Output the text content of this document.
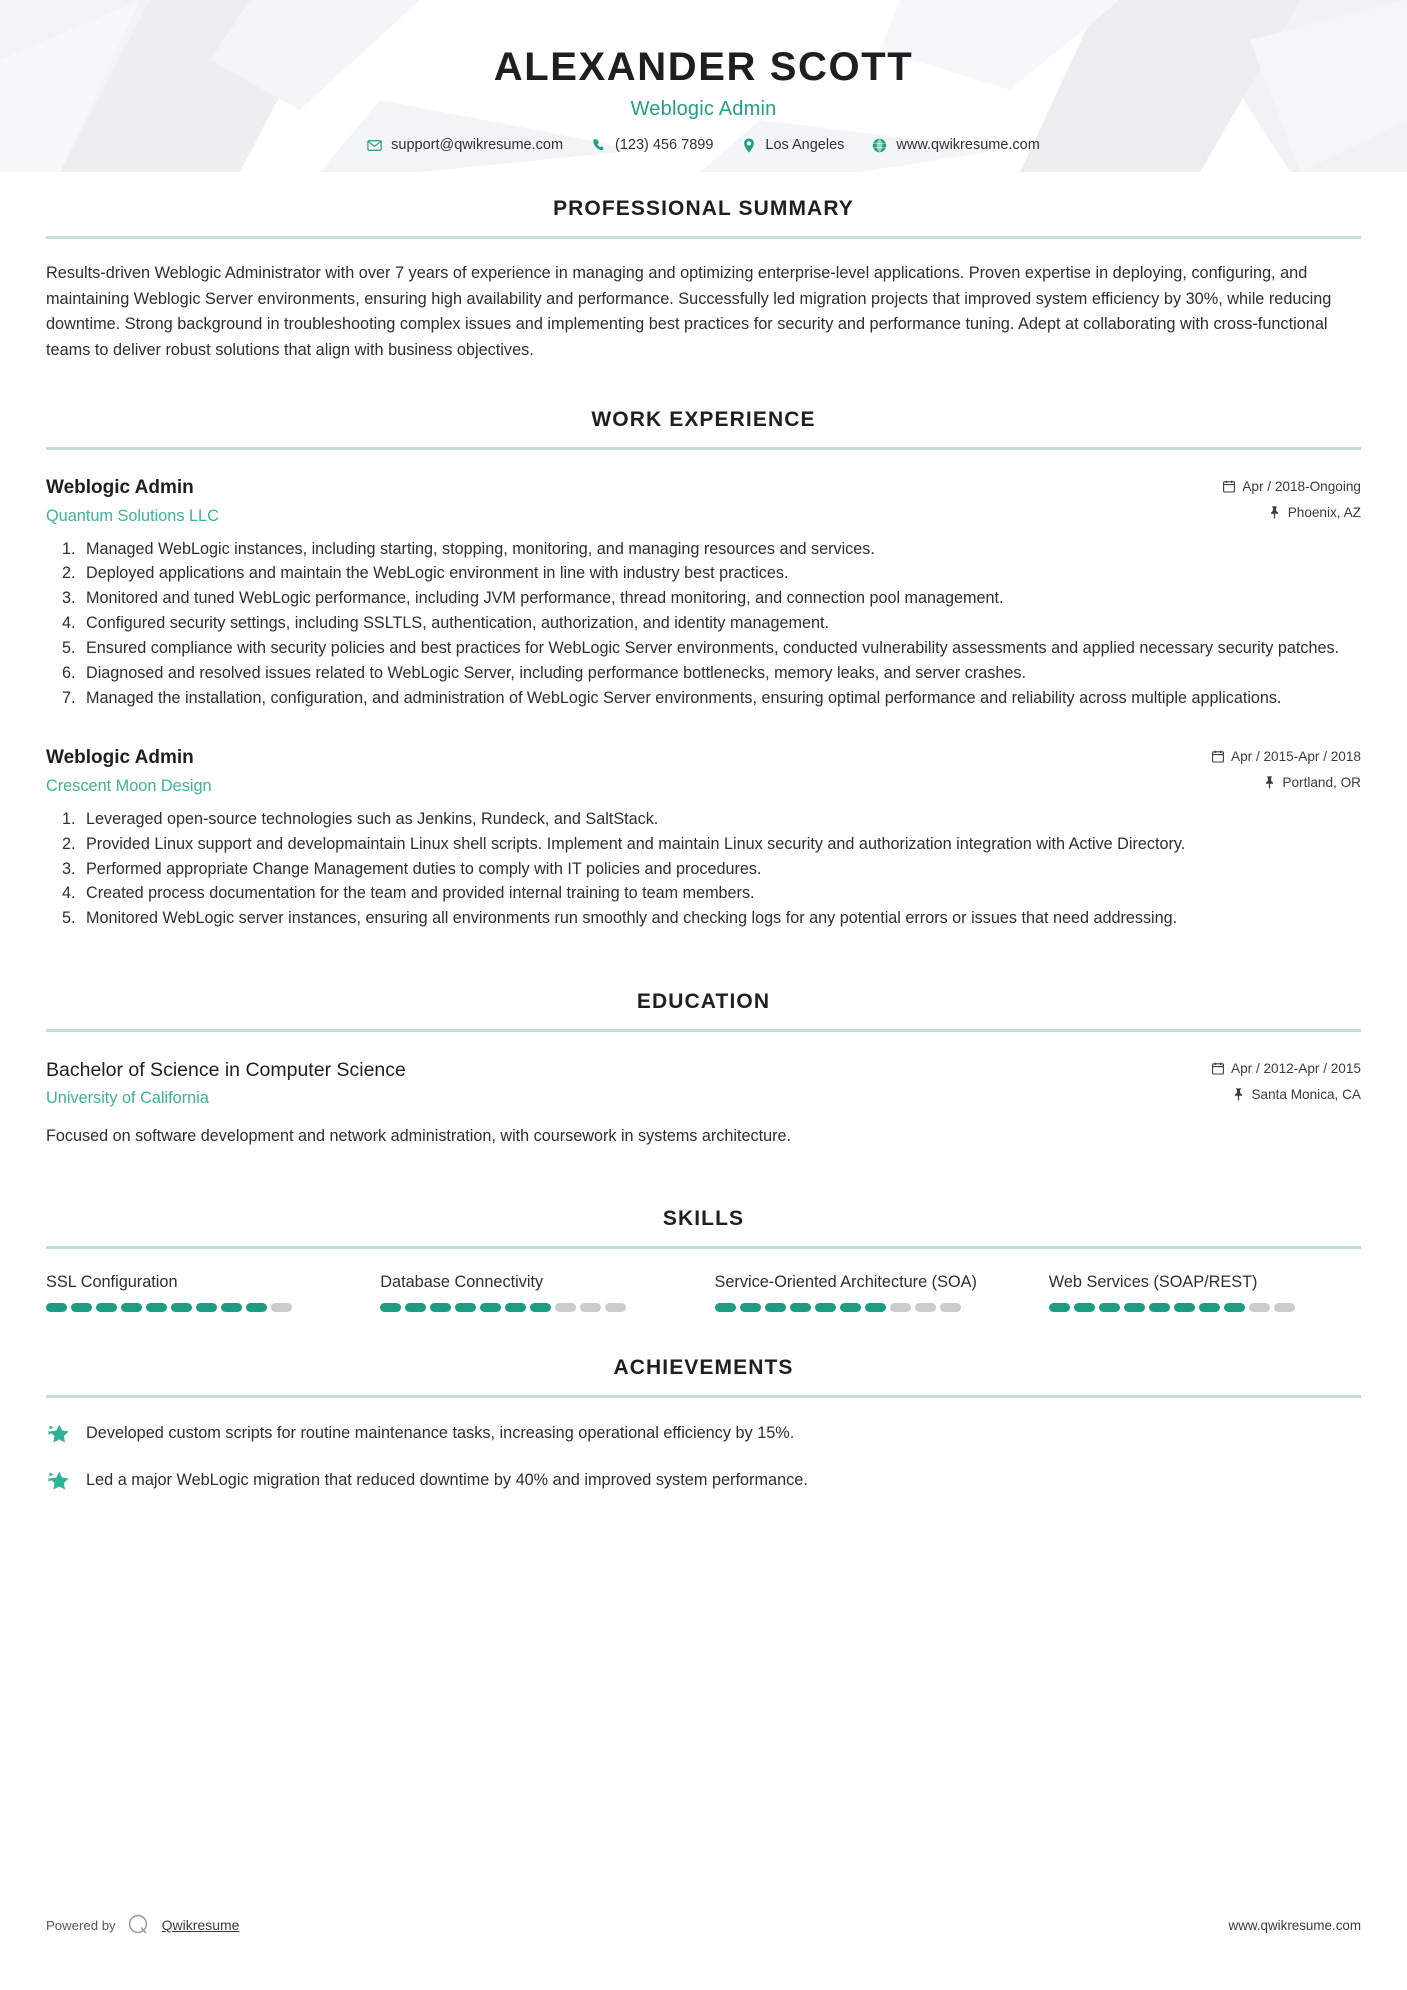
ALEXANDER SCOTT
Weblogic Admin
support@qwikresume.com	(123) 456 7899	Los Angeles	www.qwikresume.com
PROFESSIONAL SUMMARY

Results-driven Weblogic Administrator with over 7 years of experience in managing and optimizing enterprise-level applications. Proven expertise in deploying, configuring, and maintaining Weblogic Server environments, ensuring high availability and performance. Successfully led migration projects that improved system efficiency by 30%, while reducing downtime. Strong background in troubleshooting complex issues and implementing best practices for security and performance tuning. Adept at collaborating with cross-functional teams to deliver robust solutions that align with business objectives.

WORK EXPERIENCE
Weblogic Admin
Quantum Solutions LLC
Apr / 2018-Ongoing
Phoenix, AZ
1. Managed WebLogic instances, including starting, stopping, monitoring, and managing resources and services.
2. Deployed applications and maintain the WebLogic environment in line with industry best practices.
3. Monitored and tuned WebLogic performance, including JVM performance, thread monitoring, and connection pool management.
4. Configured security settings, including SSLTLS, authentication, authorization, and identity management.
5. Ensured compliance with security policies and best practices for WebLogic Server environments, conducted vulnerability assessments and applied necessary security patches.
6. Diagnosed and resolved issues related to WebLogic Server, including performance bottlenecks, memory leaks, and server crashes.
7. Managed the installation, configuration, and administration of WebLogic Server environments, ensuring optimal performance and reliability across multiple applications.
Weblogic Admin
Crescent Moon Design
Apr / 2015-Apr / 2018
Portland, OR
1. Leveraged open-source technologies such as Jenkins, Rundeck, and SaltStack.
2. Provided Linux support and developmaintain Linux shell scripts. Implement and maintain Linux security and authorization integration with Active Directory.
3. Performed appropriate Change Management duties to comply with IT policies and procedures.
4. Created process documentation for the team and provided internal training to team members.
5. Monitored WebLogic server instances, ensuring all environments run smoothly and checking logs for any potential errors or issues that need addressing.
EDUCATION
Bachelor of Science in Computer Science
University of California
Apr / 2012-Apr / 2015
Santa Monica, CA

Focused on software development and network administration, with coursework in systems architecture.

SKILLS
SSL Configuration	Database Connectivity	Service-Oriented Architecture (SOA)	Web Services (SOAP/REST)
ACHIEVEMENTS
Developed custom scripts for routine maintenance tasks, increasing operational efficiency by 15%.
Led a major WebLogic migration that reduced downtime by 40% and improved system performance.
Powered by	Qwikresume	www.qwikresume.com
